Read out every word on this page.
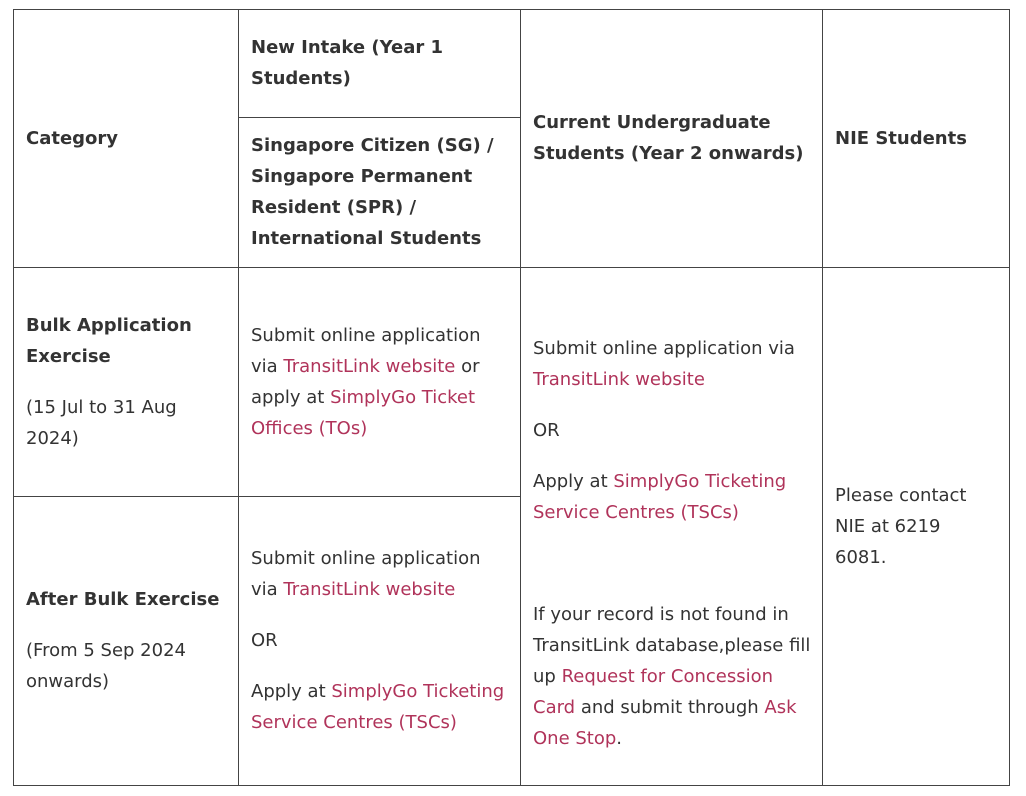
Category

New Intake (Year 1 Students)

Singapore Citizen (SG) / Singapore Permanent Resident (SPR) / International Students

Current Undergraduate Students (Year 2 onwards)

NIE Students

Bulk Application Exercise

(15 Jul to 31 Aug 2024)

Submit online application via TransitLink website or apply at SimplyGo Ticket Offices (TOs)

After Bulk Exercise

(From 5 Sep 2024 onwards)

Submit online application via TransitLink website

OR

Apply at SimplyGo Ticketing Service Centres (TSCs)

Submit online application via TransitLink website

OR

Apply at SimplyGo Ticketing Service Centres (TSCs)

If your record is not found in TransitLink database,please fill up Request for Concession Card and submit through Ask One Stop.

Please contact NIE at 6219 6081.
